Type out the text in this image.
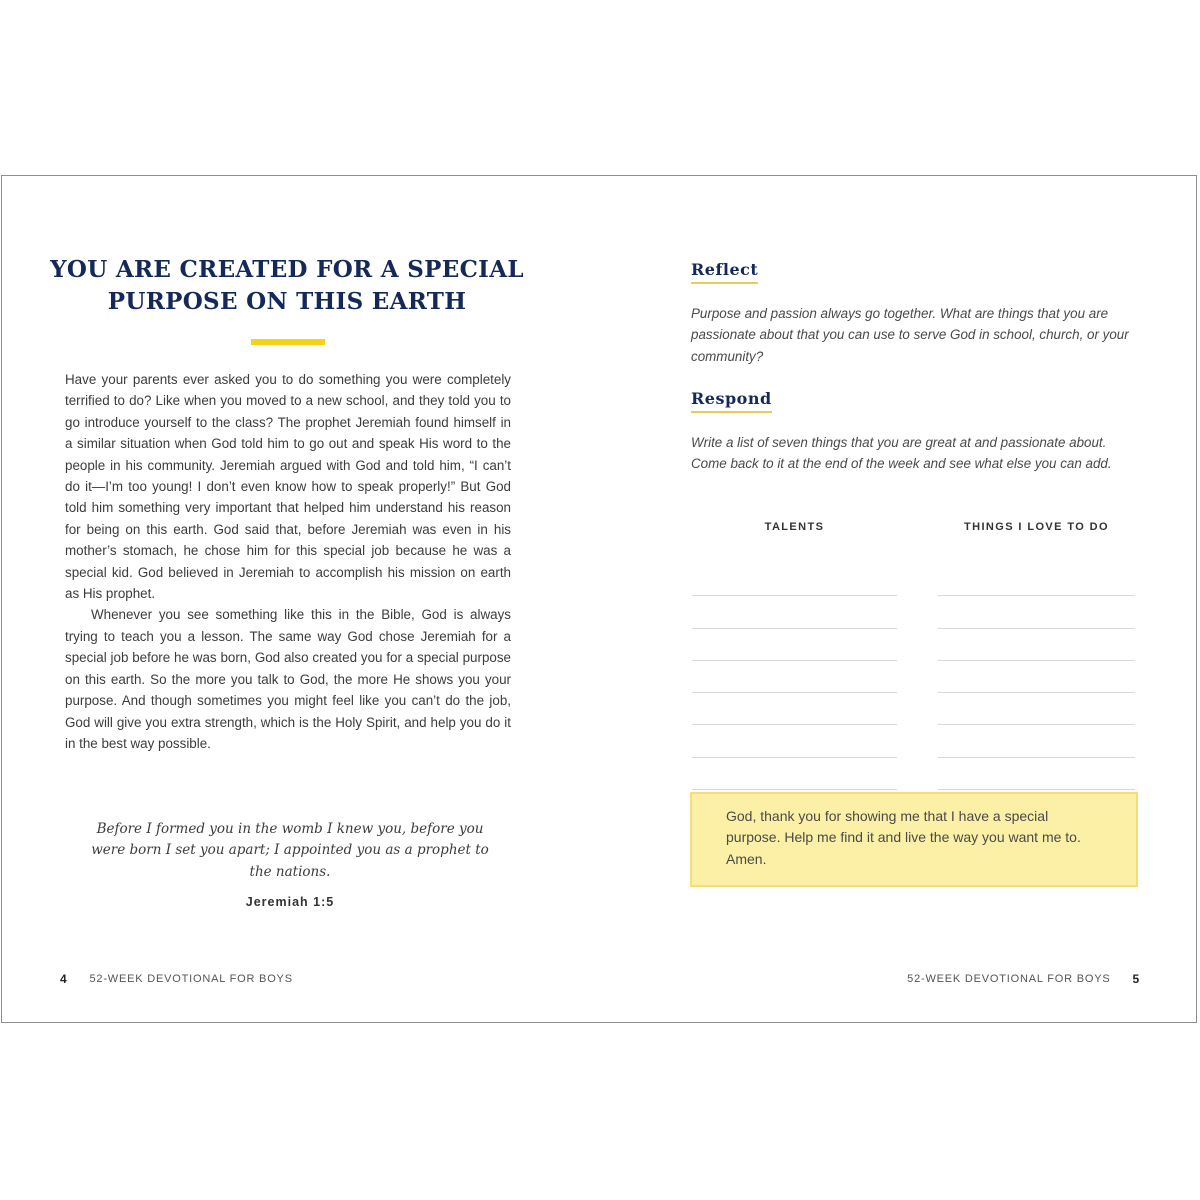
YOU ARE CREATED FOR A SPECIAL
PURPOSE ON THIS EARTH

Have your parents ever asked you to do something you were completely terrified to do? Like when you moved to a new school, and they told you to go introduce yourself to the class? The prophet Jeremiah found himself in a similar situation when God told him to go out and speak His word to the people in his community. Jeremiah argued with God and told him, “I can’t do it—I’m too young! I don’t even know how to speak properly!” But God told him something very important that helped him understand his reason for being on this earth. God said that, before Jeremiah was even in his mother’s stomach, he chose him for this special job because he was a special kid. God believed in Jeremiah to accomplish his mission on earth as His prophet.

Whenever you see something like this in the Bible, God is always trying to teach you a lesson. The same way God chose Jeremiah for a special job before he was born, God also created you for a special purpose on this earth. So the more you talk to God, the more He shows you your purpose. And though sometimes you might feel like you can’t do the job, God will give you extra strength, which is the Holy Spirit, and help you do it in the best way possible.

Before I formed you in the womb I knew you, before you were born I set you apart; I appointed you as a prophet to the nations.
Jeremiah 1:5
4 52-WEEK DEVOTIONAL FOR BOYS
Reflect

Purpose and passion always go together. What are things that you are passionate about that you can use to serve God in school, church, or your community?

Respond

Write a list of seven things that you are great at and passionate about. Come back to it at the end of the week and see what else you can add.

TALENTS	THINGS I LOVE TO DO
God, thank you for showing me that I have a special purpose. Help me find it and live the way you want me to. Amen.
52-WEEK DEVOTIONAL FOR BOYS 5
